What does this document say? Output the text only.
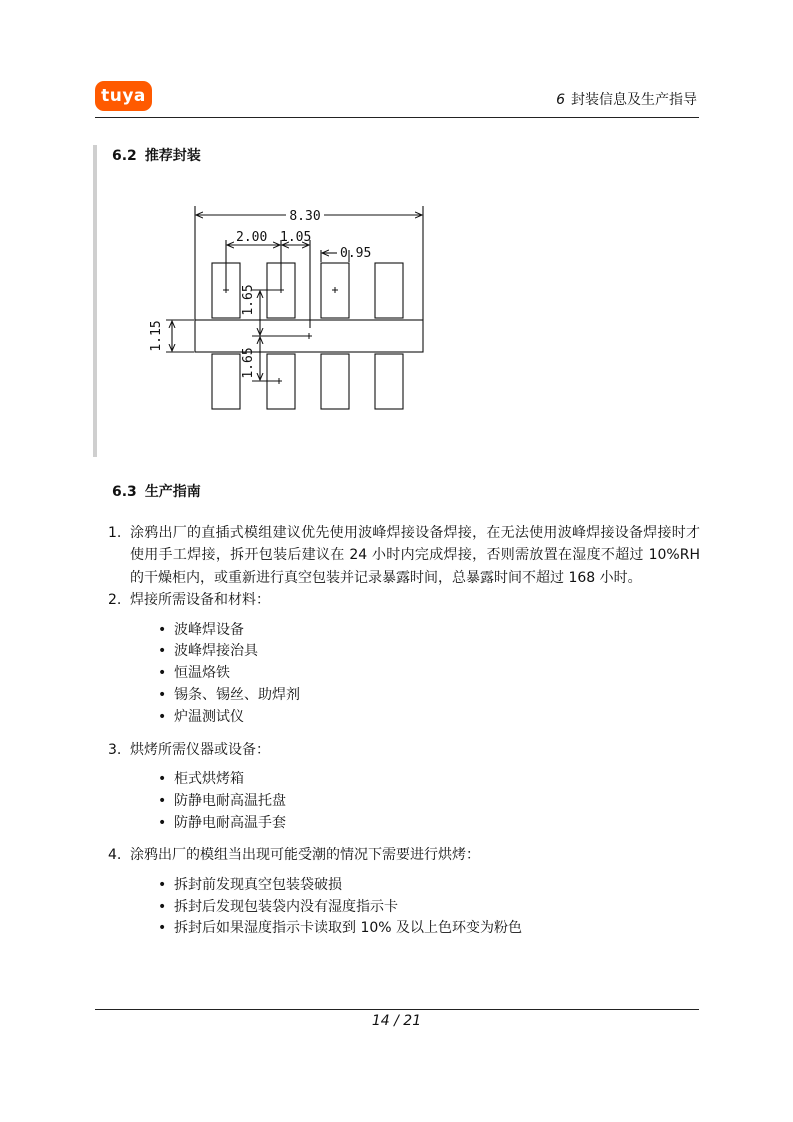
tuya	6 封装信息及生产指导
6.2 推荐封装
8.30
2.00 1.05
0.95
1.15
1.65
1.65
6.3 生产指南
1. 涂鸦出厂的直插式模组建议优先使用波峰焊接设备焊接，在无法使用波峰焊接设备焊接时才使用手工焊接，拆开包装后建议在 24 小时内完成焊接，否则需放置在湿度不超过 10%RH 的干燥柜内，或重新进行真空包装并记录暴露时间，总暴露时间不超过 168 小时。
2. 焊接所需设备和材料：
• 波峰焊设备
• 波峰焊接治具
• 恒温烙铁
• 锡条、锡丝、助焊剂
• 炉温测试仪
3. 烘烤所需仪器或设备：
• 柜式烘烤箱
• 防静电耐高温托盘
• 防静电耐高温手套
4. 涂鸦出厂的模组当出现可能受潮的情况下需要进行烘烤：
• 拆封前发现真空包装袋破损
• 拆封后发现包装袋内没有湿度指示卡
• 拆封后如果湿度指示卡读取到 10% 及以上色环变为粉色
14 / 21
